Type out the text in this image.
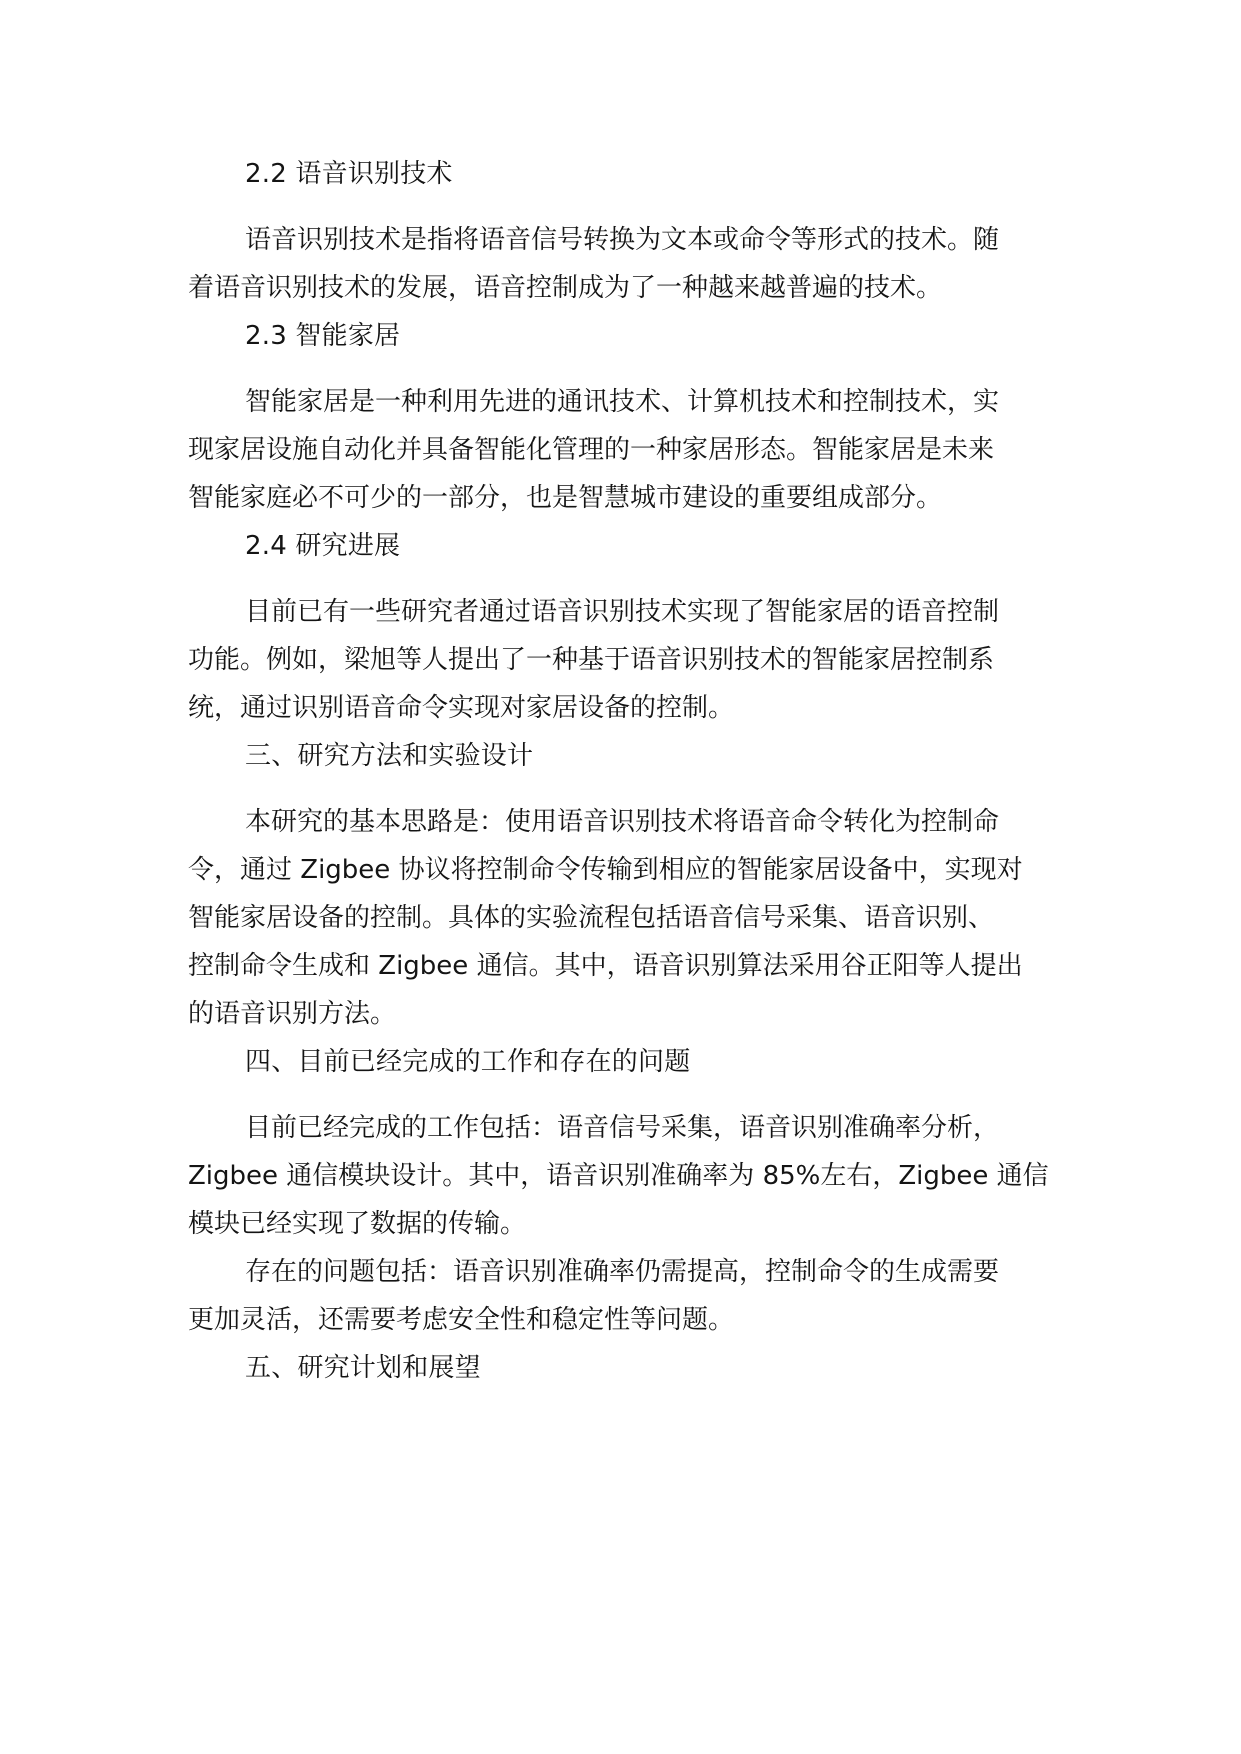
2.2 语音识别技术
语音识别技术是指将语音信号转换为文本或命令等形式的技术。随
着语音识别技术的发展，语音控制成为了一种越来越普遍的技术。
2.3 智能家居
智能家居是一种利用先进的通讯技术、计算机技术和控制技术，实
现家居设施自动化并具备智能化管理的一种家居形态。智能家居是未来
智能家庭必不可少的一部分，也是智慧城市建设的重要组成部分。
2.4 研究进展
目前已有一些研究者通过语音识别技术实现了智能家居的语音控制
功能。例如，梁旭等人提出了一种基于语音识别技术的智能家居控制系
统，通过识别语音命令实现对家居设备的控制。
三、研究方法和实验设计
本研究的基本思路是：使用语音识别技术将语音命令转化为控制命
令，通过 Zigbee 协议将控制命令传输到相应的智能家居设备中，实现对
智能家居设备的控制。具体的实验流程包括语音信号采集、语音识别、
控制命令生成和 Zigbee 通信。其中，语音识别算法采用谷正阳等人提出
的语音识别方法。
四、目前已经完成的工作和存在的问题
目前已经完成的工作包括：语音信号采集，语音识别准确率分析，
Zigbee 通信模块设计。其中，语音识别准确率为 85%左右，Zigbee 通信
模块已经实现了数据的传输。
存在的问题包括：语音识别准确率仍需提高，控制命令的生成需要
更加灵活，还需要考虑安全性和稳定性等问题。
五、研究计划和展望
